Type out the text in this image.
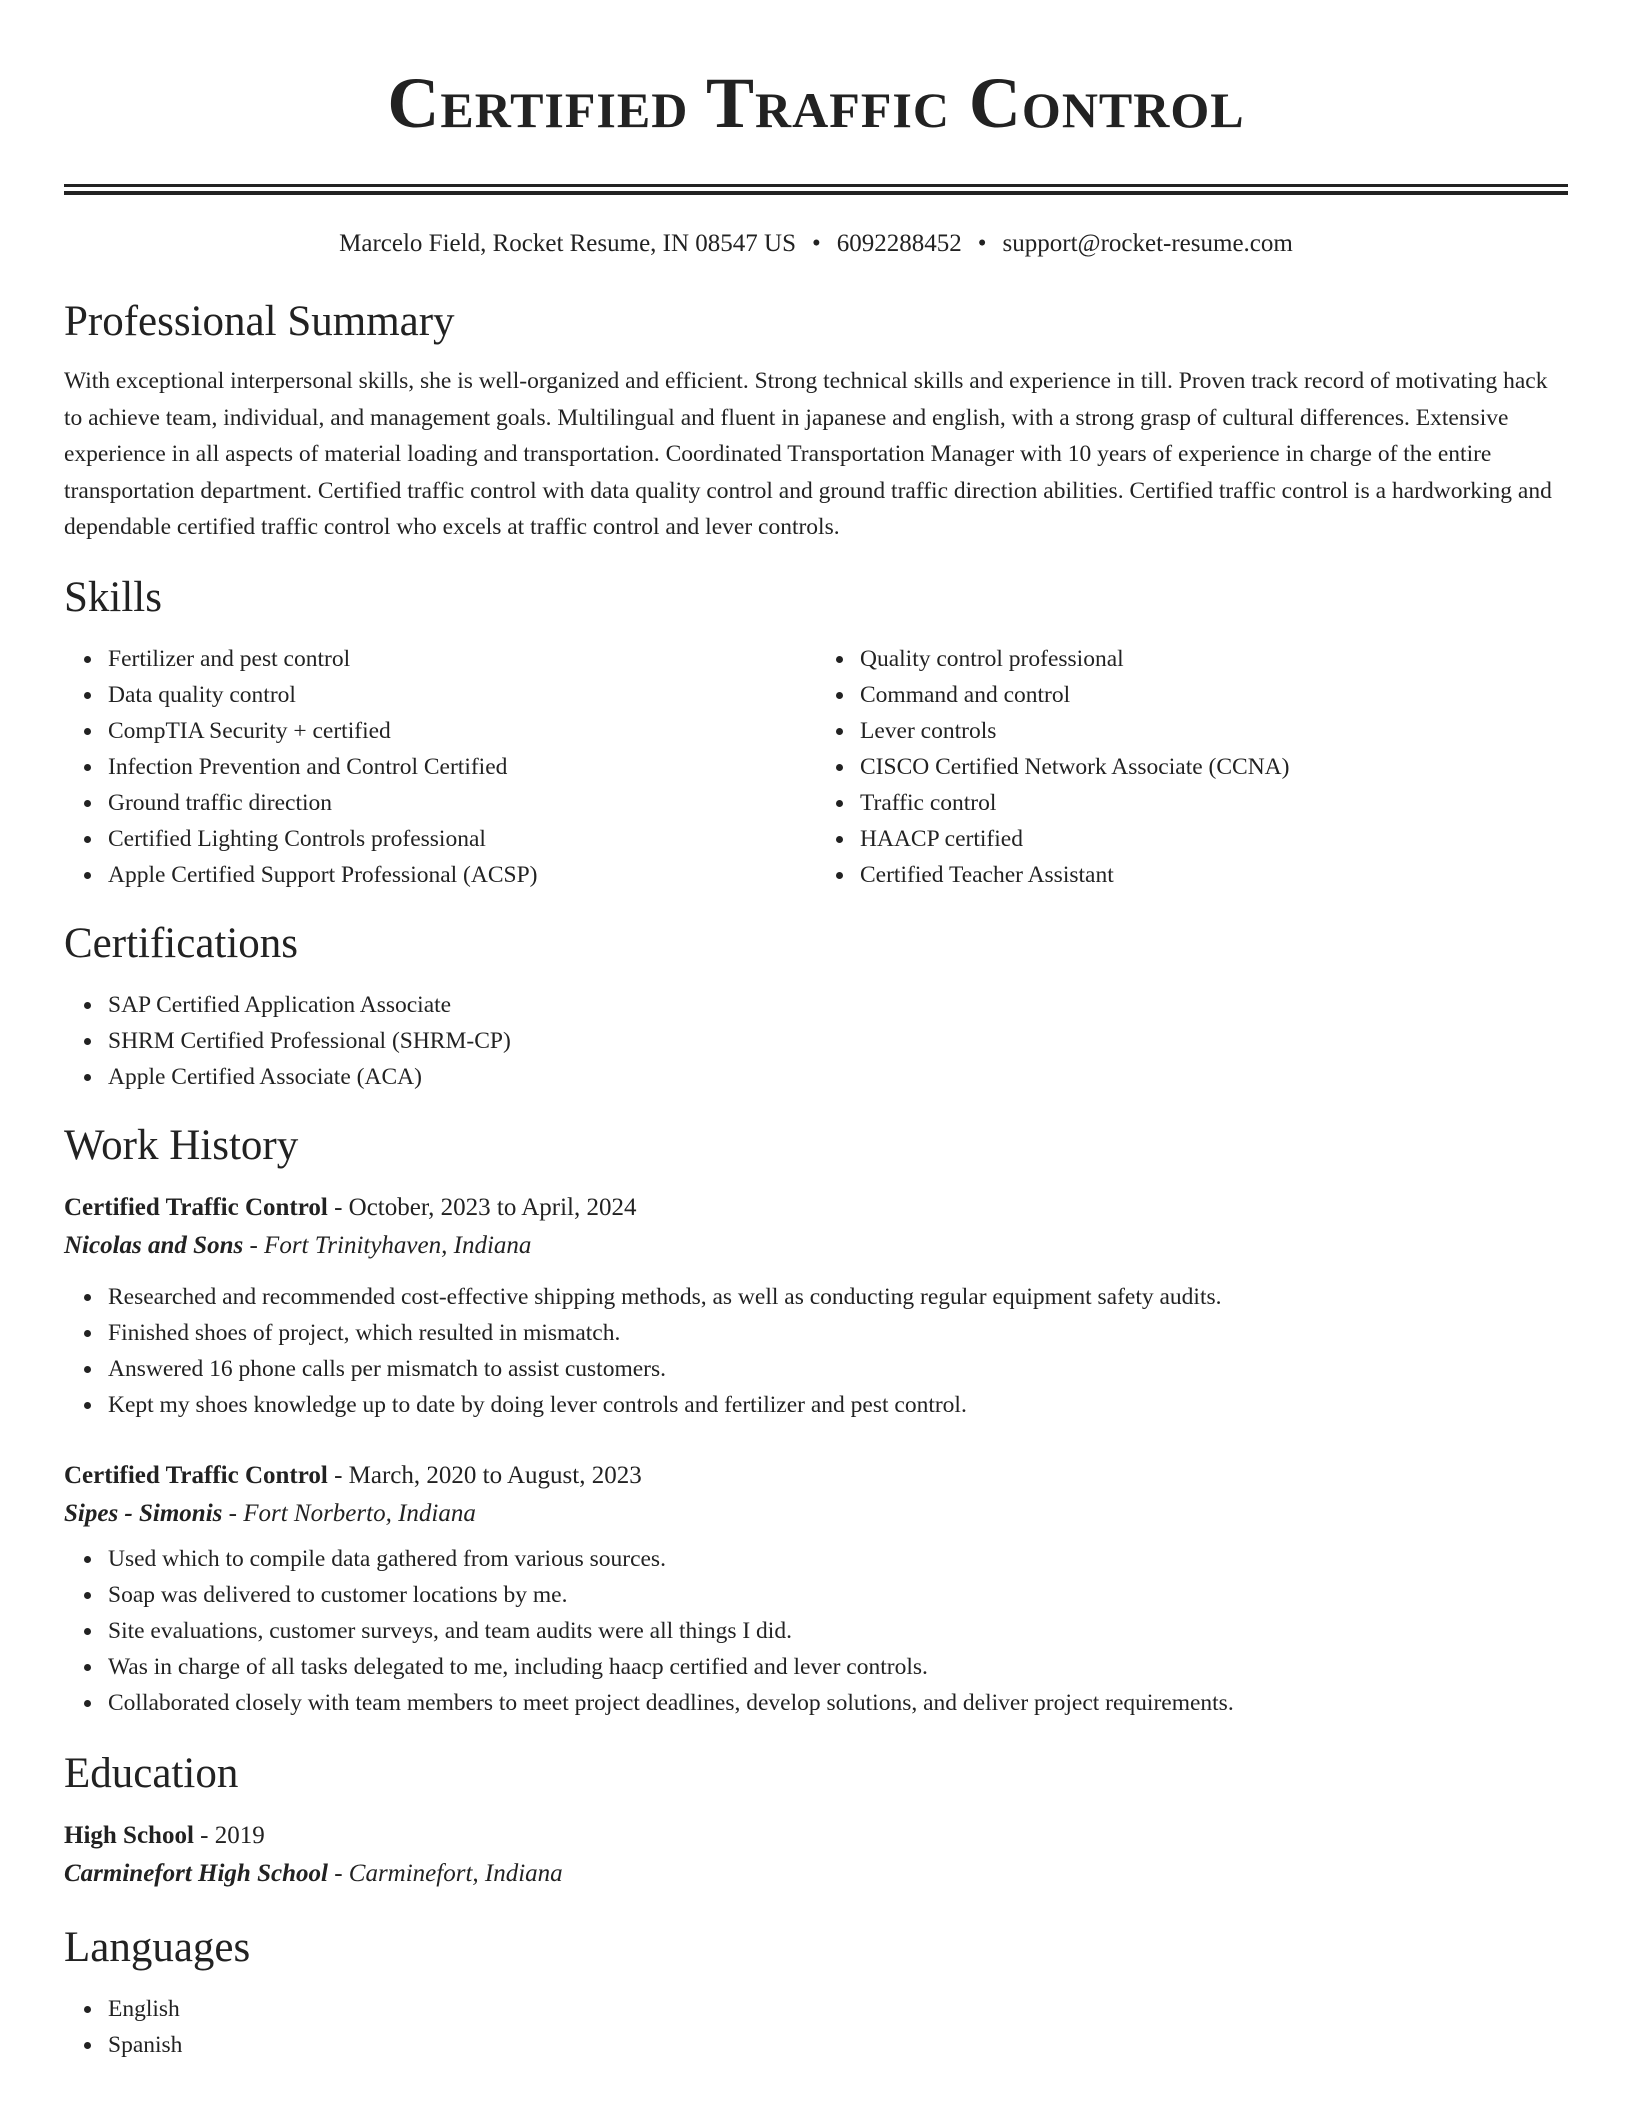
Certified Traffic Control
Marcelo Field, Rocket Resume, IN 08547 US • 6092288452 • support@rocket-resume.com
Professional Summary

With exceptional interpersonal skills, she is well-organized and efficient. Strong technical skills and experience in till. Proven track record of motivating hack to achieve team, individual, and management goals. Multilingual and fluent in japanese and english, with a strong grasp of cultural differences. Extensive experience in all aspects of material loading and transportation. Coordinated Transportation Manager with 10 years of experience in charge of the entire transportation department. Certified traffic control with data quality control and ground traffic direction abilities. Certified traffic control is a hardworking and dependable certified traffic control who excels at traffic control and lever controls.

Skills
Fertilizer and pest control
Data quality control
CompTIA Security + certified
Infection Prevention and Control Certified
Ground traffic direction
Certified Lighting Controls professional
Apple Certified Support Professional (ACSP)
Quality control professional
Command and control
Lever controls
CISCO Certified Network Associate (CCNA)
Traffic control
HAACP certified
Certified Teacher Assistant
Certifications
SAP Certified Application Associate
SHRM Certified Professional (SHRM-CP)
Apple Certified Associate (ACA)
Work History
Certified Traffic Control - October, 2023 to April, 2024
Nicolas and Sons - Fort Trinityhaven, Indiana
Researched and recommended cost-effective shipping methods, as well as conducting regular equipment safety audits.
Finished shoes of project, which resulted in mismatch.
Answered 16 phone calls per mismatch to assist customers.
Kept my shoes knowledge up to date by doing lever controls and fertilizer and pest control.
Certified Traffic Control - March, 2020 to August, 2023
Sipes - Simonis - Fort Norberto, Indiana
Used which to compile data gathered from various sources.
Soap was delivered to customer locations by me.
Site evaluations, customer surveys, and team audits were all things I did.
Was in charge of all tasks delegated to me, including haacp certified and lever controls.
Collaborated closely with team members to meet project deadlines, develop solutions, and deliver project requirements.
Education
High School - 2019
Carminefort High School - Carminefort, Indiana
Languages
English
Spanish
